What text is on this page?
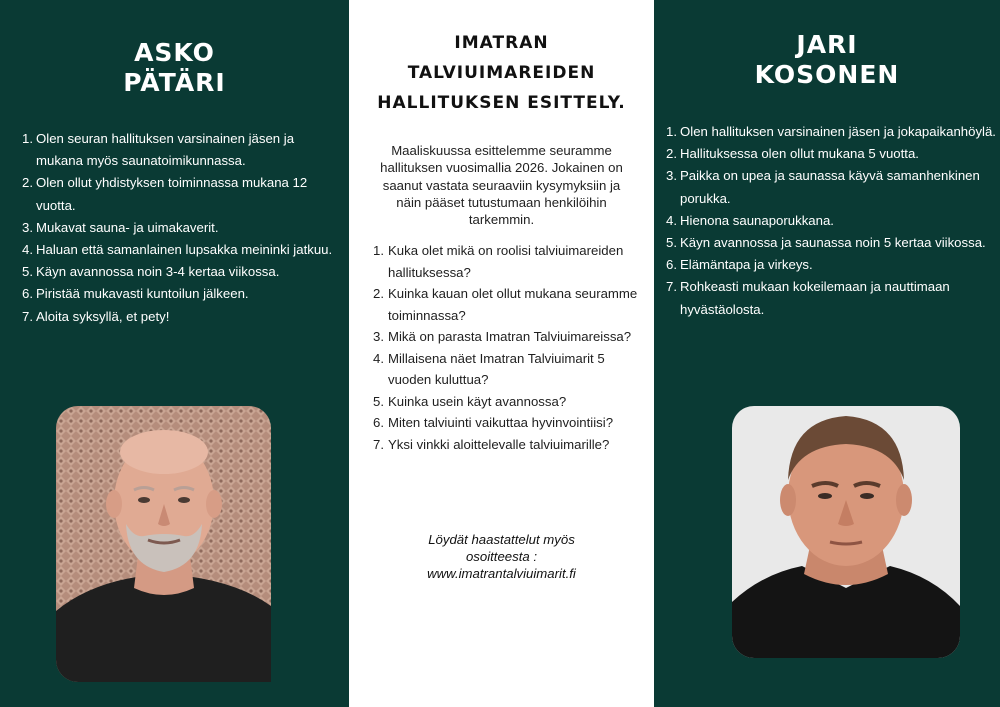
ASKO
PÄTÄRI
1. Olen seuran hallituksen varsinainen jäsen ja mukana myös saunatoimikunnassa.
2. Olen ollut yhdistyksen toiminnassa mukana 12 vuotta.
3. Mukavat sauna- ja uimakaverit.
4. Haluan että samanlainen lupsakka meininki jatkuu.
5. Käyn avannossa noin 3-4 kertaa viikossa.
6. Piristää mukavasti kuntoilun jälkeen.
7. Aloita syksyllä, et pety!
IMATRAN
TALVIUIMAREIDEN
HALLITUKSEN ESITTELY.

Maaliskuussa esittelemme seuramme hallituksen vuosimallia 2026. Jokainen on saanut vastata seuraaviin kysymyksiin ja näin pääset tutustumaan henkilöihin tarkemmin.

1. Kuka olet mikä on roolisi talviuimareiden hallituksessa?
2. Kuinka kauan olet ollut mukana seuramme toiminnassa?
3. Mikä on parasta Imatran Talviuimareissa?
4. Millaisena näet Imatran Talviuimarit 5 vuoden kuluttua?
5. Kuinka usein käyt avannossa?
6. Miten talviuinti vaikuttaa hyvinvointiisi?
7. Yksi vinkki aloittelevalle talviuimarille?
Löydät haastattelut myös
osoitteesta :
www.imatrantalviuimarit.fi
JARI
KOSONEN
1. Olen hallituksen varsinainen jäsen ja jokapaikanhöylä.
2. Hallituksessa olen ollut mukana 5 vuotta.
3. Paikka on upea ja saunassa käyvä samanhenkinen porukka.
4. Hienona saunaporukkana.
5. Käyn avannossa ja saunassa noin 5 kertaa viikossa.
6. Elämäntapa ja virkeys.
7. Rohkeasti mukaan kokeilemaan ja nauttimaan hyvästäolosta.
